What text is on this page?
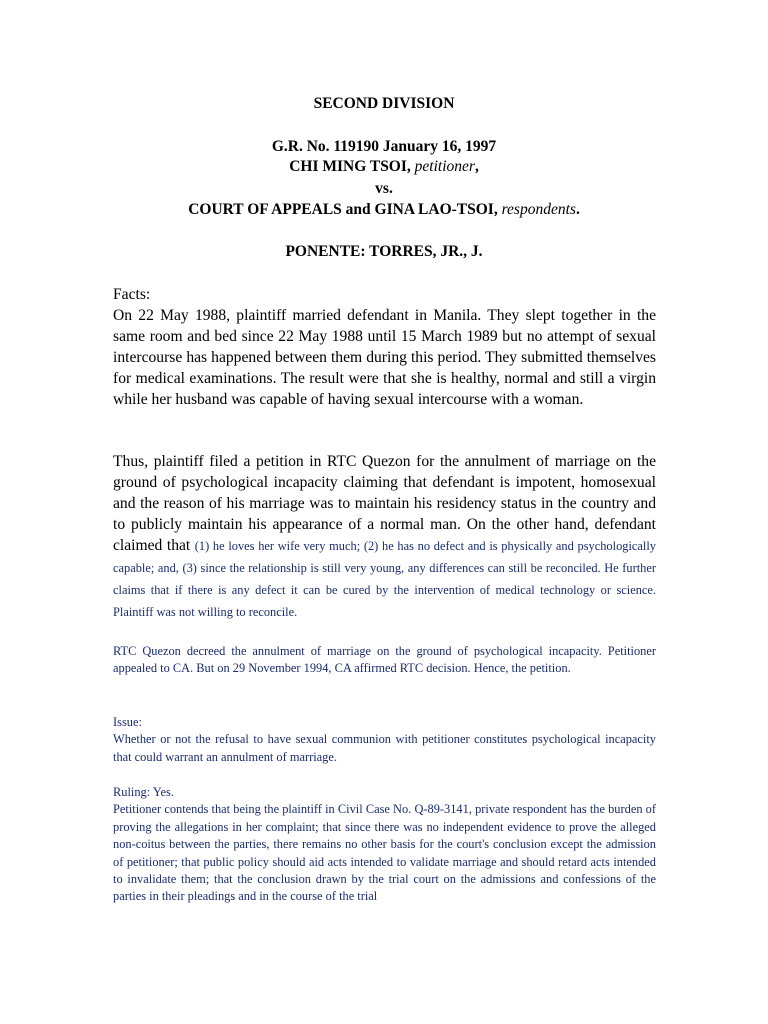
SECOND DIVISION
G.R. No. 119190 January 16, 1997
CHI MING TSOI, petitioner,
vs.
COURT OF APPEALS and GINA LAO-TSOI, respondents.
PONENTE: TORRES, JR., J.

Facts:
On 22 May 1988, plaintiff married defendant in Manila. They slept together in the same room and bed since 22 May 1988 until 15 March 1989 but no attempt of sexual intercourse has happened between them during this period. They submitted themselves for medical examinations. The result were that she is healthy, normal and still a virgin while her husband was capable of having sexual intercourse with a woman.

Thus, plaintiff filed a petition in RTC Quezon for the annulment of marriage on the ground of psychological incapacity claiming that defendant is impotent, homosexual and the reason of his marriage was to maintain his residency status in the country and to publicly maintain his appearance of a normal man. On the other hand, defendant claimed that (1) he loves her wife very much; (2) he has no defect and is physically and psychologically capable; and, (3) since the relationship is still very young, any differences can still be reconciled. He further claims that if there is any defect it can be cured by the intervention of medical technology or science. Plaintiff was not willing to reconcile.

RTC Quezon decreed the annulment of marriage on the ground of psychological incapacity. Petitioner appealed to CA. But on 29 November 1994, CA affirmed RTC decision. Hence, the petition.

Issue:
Whether or not the refusal to have sexual communion with petitioner constitutes psychological incapacity that could warrant an annulment of marriage.

Ruling: Yes.
Petitioner contends that being the plaintiff in Civil Case No. Q-89-3141, private respondent has the burden of proving the allegations in her complaint; that since there was no independent evidence to prove the alleged non-coitus between the parties, there remains no other basis for the court's conclusion except the admission of petitioner; that public policy should aid acts intended to validate marriage and should retard acts intended to invalidate them; that the conclusion drawn by the trial court on the admissions and confessions of the parties in their pleadings and in the course of the trial
